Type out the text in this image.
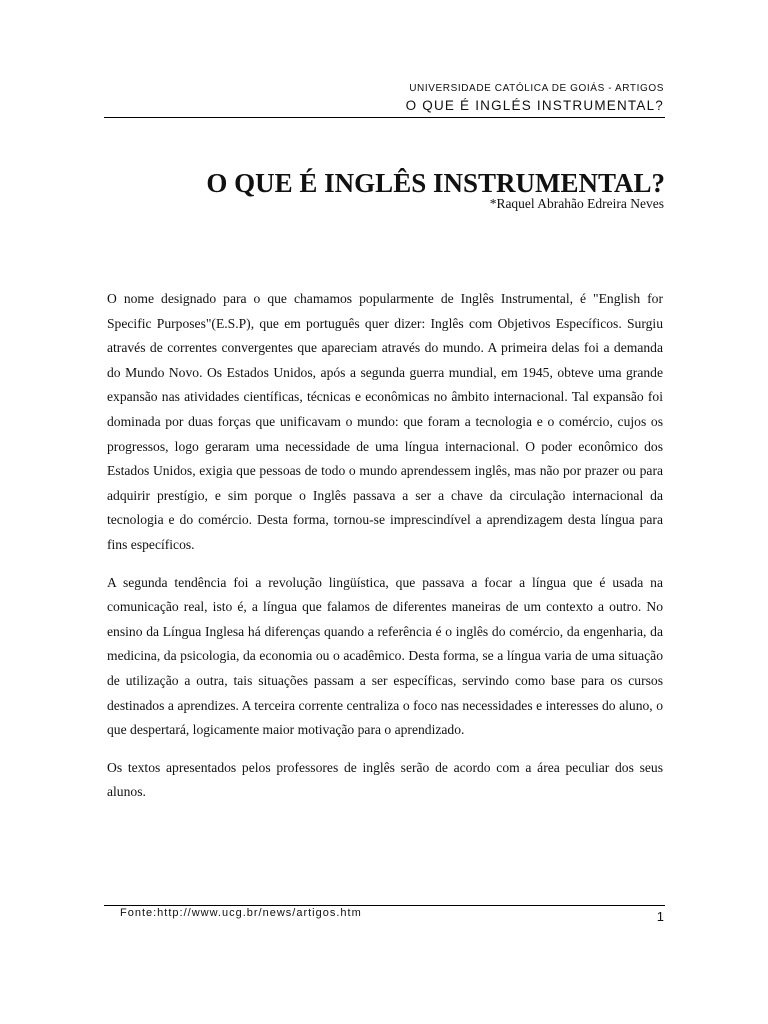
UNIVERSIDADE CATÓLICA DE GOIÁS - ARTIGOS
O QUE É INGLÉS INSTRUMENTAL?
O QUE É INGLÊS INSTRUMENTAL?
*Raquel Abrahão Edreira Neves

O nome designado para o que chamamos popularmente de Inglês Instrumental, é "English for Specific Purposes"(E.S.P), que em português quer dizer: Inglês com Objetivos Específicos. Surgiu através de correntes convergentes que apareciam através do mundo. A primeira delas foi a demanda do Mundo Novo. Os Estados Unidos, após a segunda guerra mundial, em 1945, obteve uma grande expansão nas atividades científicas, técnicas e econômicas no âmbito internacional. Tal expansão foi dominada por duas forças que unificavam o mundo: que foram a tecnologia e o comércio, cujos os progressos, logo geraram uma necessidade de uma língua internacional. O poder econômico dos Estados Unidos, exigia que pessoas de todo o mundo aprendessem inglês, mas não por prazer ou para adquirir prestígio, e sim porque o Inglês passava a ser a chave da circulação internacional da tecnologia e do comércio. Desta forma, tornou-se imprescindível a aprendizagem desta língua para fins específicos.

A segunda tendência foi a revolução lingüística, que passava a focar a língua que é usada na comunicação real, isto é, a língua que falamos de diferentes maneiras de um contexto a outro. No ensino da Língua Inglesa há diferenças quando a referência é o inglês do comércio, da engenharia, da medicina, da psicologia, da economia ou o acadêmico. Desta forma, se a língua varia de uma situação de utilização a outra, tais situações passam a ser específicas, servindo como base para os cursos destinados a aprendizes. A terceira corrente centraliza o foco nas necessidades e interesses do aluno, o que despertará, logicamente maior motivação para o aprendizado.

Os textos apresentados pelos professores de inglês serão de acordo com a área peculiar dos seus alunos.

Fonte:http://www.ucg.br/news/artigos.htm	1
